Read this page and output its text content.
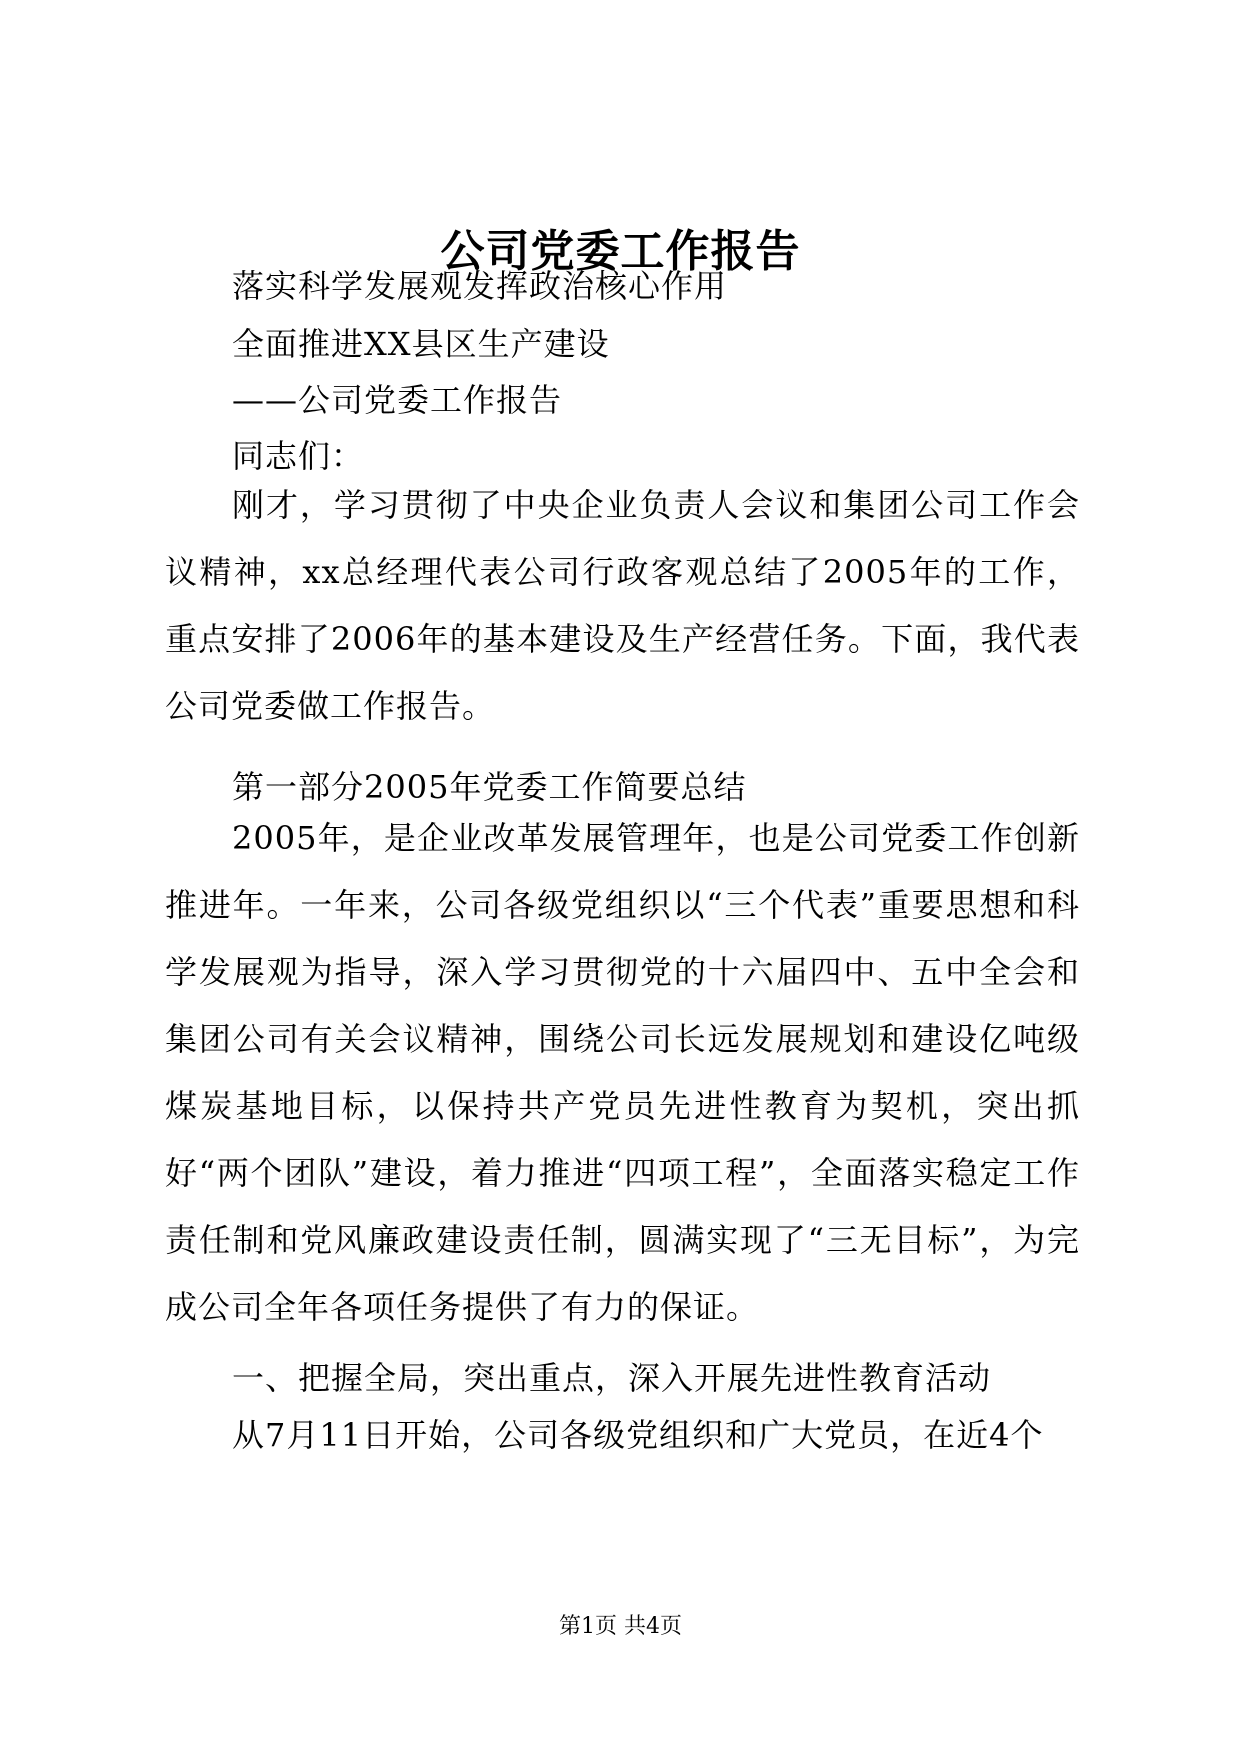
公司党委工作报告
落实科学发展观发挥政治核心作用
全面推进XX县区生产建设
——公司党委工作报告
同志们：

刚才，学习贯彻了中央企业负责人会议和集团公司工作会议精神，xx总经理代表公司行政客观总结了2005年的工作，重点安排了2006年的基本建设及生产经营任务。下面，我代表公司党委做工作报告。

第一部分2005年党委工作简要总结

2005年，是企业改革发展管理年，也是公司党委工作创新推进年。一年来，公司各级党组织以“三个代表”重要思想和科学发展观为指导，深入学习贯彻党的十六届四中、五中全会和集团公司有关会议精神，围绕公司长远发展规划和建设亿吨级煤炭基地目标，以保持共产党员先进性教育为契机，突出抓好“两个团队”建设，着力推进“四项工程”，全面落实稳定工作责任制和党风廉政建设责任制，圆满实现了“三无目标”，为完成公司全年各项任务提供了有力的保证。

一、把握全局，突出重点，深入开展先进性教育活动

从7月11日开始，公司各级党组织和广大党员，在近4个

第1页 共4页
